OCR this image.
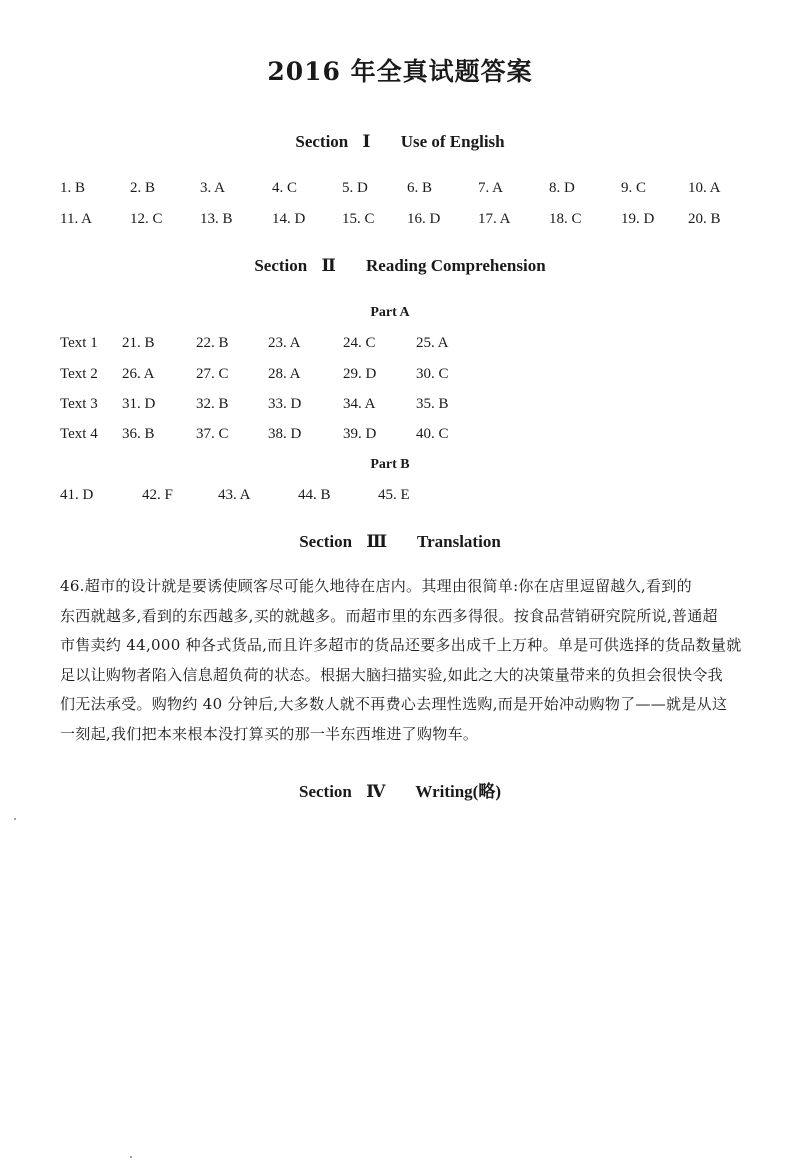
2016 年全真试题答案
Section Ⅰ Use of English
1. B	2. B	3. A	4. C	5. D	6. B	7. A	8. D	9. C	10. A
11. A	12. C 13. B	14. D 15. C 16. D	17. A	18. C	19. D 20. B
Section Ⅱ Reading Comprehension
Part A
Text 1 21. B	22. B	23. A	24. C	25. A
Text 2 26. A	27. C	28. A	29. D	30. C
Text 3 31. D	32. B	33. D	34. A	35. B
Text 4 36. B	37. C	38. D	39. D	40. C
Part B
41. D	42. F	43. A	44. B	45. E
Section Ⅲ Translation
46.超市的设计就是要诱使顾客尽可能久地待在店内。其理由很简单:你在店里逗留越久,看到的
东西就越多,看到的东西越多,买的就越多。而超市里的东西多得很。按食品营销研究院所说,普通超
市售卖约 44,000 种各式货品,而且许多超市的货品还要多出成千上万种。单是可供选择的货品数量就
足以让购物者陷入信息超负荷的状态。根据大脑扫描实验,如此之大的决策量带来的负担会很快令我
们无法承受。购物约 40 分钟后,大多数人就不再费心去理性选购,而是开始冲动购物了——就是从这
一刻起,我们把本来根本没打算买的那一半东西堆进了购物车。
Section Ⅳ Writing(略)
